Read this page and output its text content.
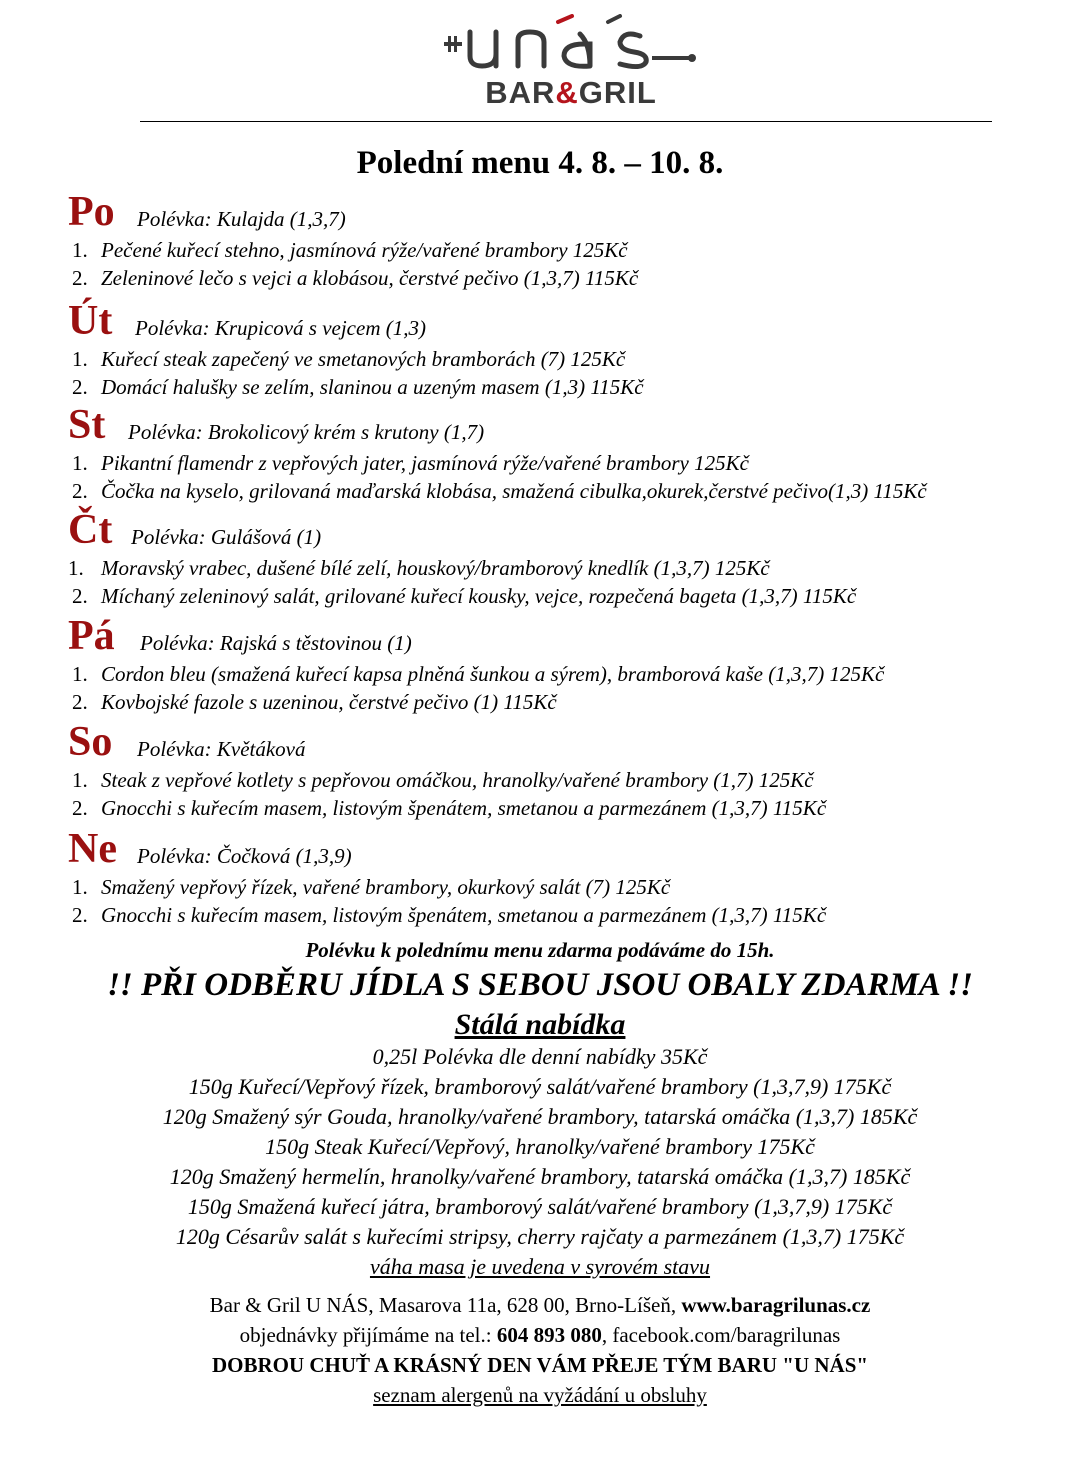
BAR&GRIL
Polední menu 4. 8. – 10. 8.
Po Polévka: Kulajda (1,3,7)
1. Pečené kuřecí stehno, jasmínová rýže/vařené brambory 125Kč
2. Zeleninové lečo s vejci a klobásou, čerstvé pečivo (1,3,7) 115Kč
Út Polévka: Krupicová s vejcem (1,3)
1. Kuřecí steak zapečený ve smetanových bramborách (7) 125Kč
2. Domácí halušky se zelím, slaninou a uzeným masem (1,3) 115Kč
St Polévka: Brokolicový krém s krutony (1,7)
1. Pikantní flamendr z vepřových jater, jasmínová rýže/vařené brambory 125Kč
2. Čočka na kyselo, grilovaná maďarská klobása, smažená cibulka,okurek,čerstvé pečivo(1,3) 115Kč
Čt Polévka: Gulášová (1)
1. Moravský vrabec, dušené bílé zelí, houskový/bramborový knedlík (1,3,7) 125Kč
2. Míchaný zeleninový salát, grilované kuřecí kousky, vejce, rozpečená bageta (1,3,7) 115Kč
Pá Polévka: Rajská s těstovinou (1)
1. Cordon bleu (smažená kuřecí kapsa plněná šunkou a sýrem), bramborová kaše (1,3,7) 125Kč
2. Kovbojské fazole s uzeninou, čerstvé pečivo (1) 115Kč
So Polévka: Květáková
1. Steak z vepřové kotlety s pepřovou omáčkou, hranolky/vařené brambory (1,7) 125Kč
2. Gnocchi s kuřecím masem, listovým špenátem, smetanou a parmezánem (1,3,7) 115Kč
Ne Polévka: Čočková (1,3,9)
1. Smažený vepřový řízek, vařené brambory, okurkový salát (7) 125Kč
2. Gnocchi s kuřecím masem, listovým špenátem, smetanou a parmezánem (1,3,7) 115Kč
Polévku k polednímu menu zdarma podáváme do 15h.
!! PŘI ODBĚRU JÍDLA S SEBOU JSOU OBALY ZDARMA !!
Stálá nabídka
0,25l Polévka dle denní nabídky 35Kč
150g Kuřecí/Vepřový řízek, bramborový salát/vařené brambory (1,3,7,9) 175Kč
120g Smažený sýr Gouda, hranolky/vařené brambory, tatarská omáčka (1,3,7) 185Kč
150g Steak Kuřecí/Vepřový, hranolky/vařené brambory 175Kč
120g Smažený hermelín, hranolky/vařené brambory, tatarská omáčka (1,3,7) 185Kč
150g Smažená kuřecí játra, bramborový salát/vařené brambory (1,3,7,9) 175Kč
120g Césarův salát s kuřecími stripsy, cherry rajčaty a parmezánem (1,3,7) 175Kč
váha masa je uvedena v syrovém stavu
Bar & Gril U NÁS, Masarova 11a, 628 00, Brno-Líšeň, www.baragrilunas.cz
objednávky přijímáme na tel.: 604 893 080, facebook.com/baragrilunas
DOBROU CHUŤ A KRÁSNÝ DEN VÁM PŘEJE TÝM BARU "U NÁS"
seznam alergenů na vyžádání u obsluhy
